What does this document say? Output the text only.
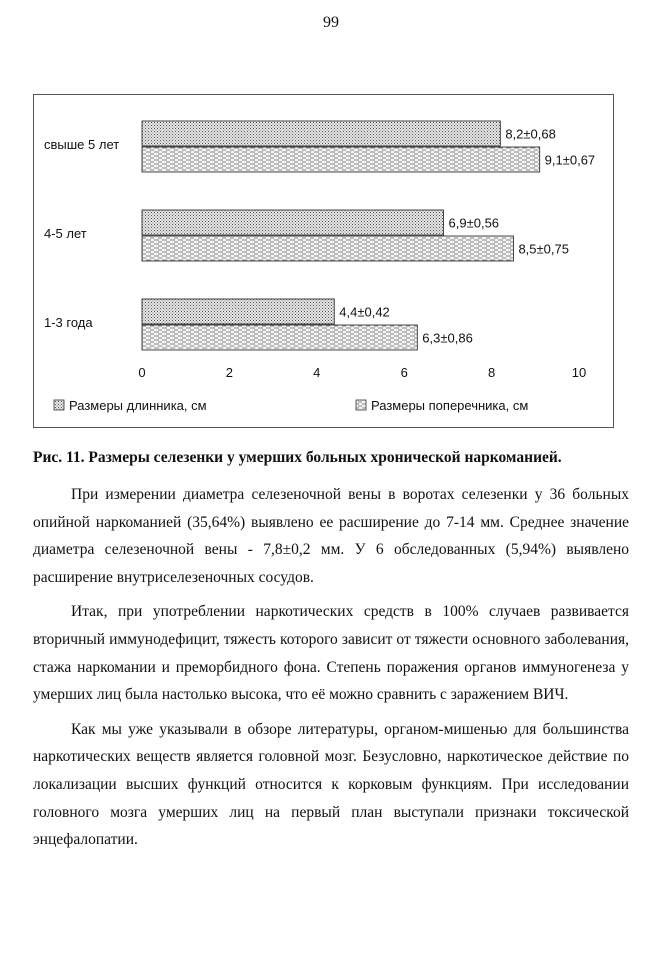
99
свыше 5 лет
8,2±0,68
9,1±0,67
4-5 лет
6,9±0,56
8,5±0,75
1-3 года
4,4±0,42
6,3±0,86
0	2	4	6	8	10
Размеры длинника, см	Размеры поперечника, см
Рис. 11. Размеры селезенки у умерших больных хронической наркоманией.

При измерении диаметра селезеночной вены в воротах селезенки у 36 больных опийной наркоманией (35,64%) выявлено ее расширение до 7-14 мм. Среднее значение диаметра селезеночной вены - 7,8±0,2 мм. У 6 обследованных (5,94%) выявлено расширение внутриселезеночных сосудов.

Итак, при употреблении наркотических средств в 100% случаев развивается вторичный иммунодефицит, тяжесть которого зависит от тяжести основного заболевания, стажа наркомании и преморбидного фона. Степень поражения органов иммуногенеза у умерших лиц была настолько высока, что её можно сравнить с заражением ВИЧ.

Как мы уже указывали в обзоре литературы, органом-мишенью для большинства наркотических веществ является головной мозг. Безусловно, наркотическое действие по локализации высших функций относится к корковым функциям. При исследовании головного мозга умерших лиц на первый план выступали признаки токсической энцефалопатии.
